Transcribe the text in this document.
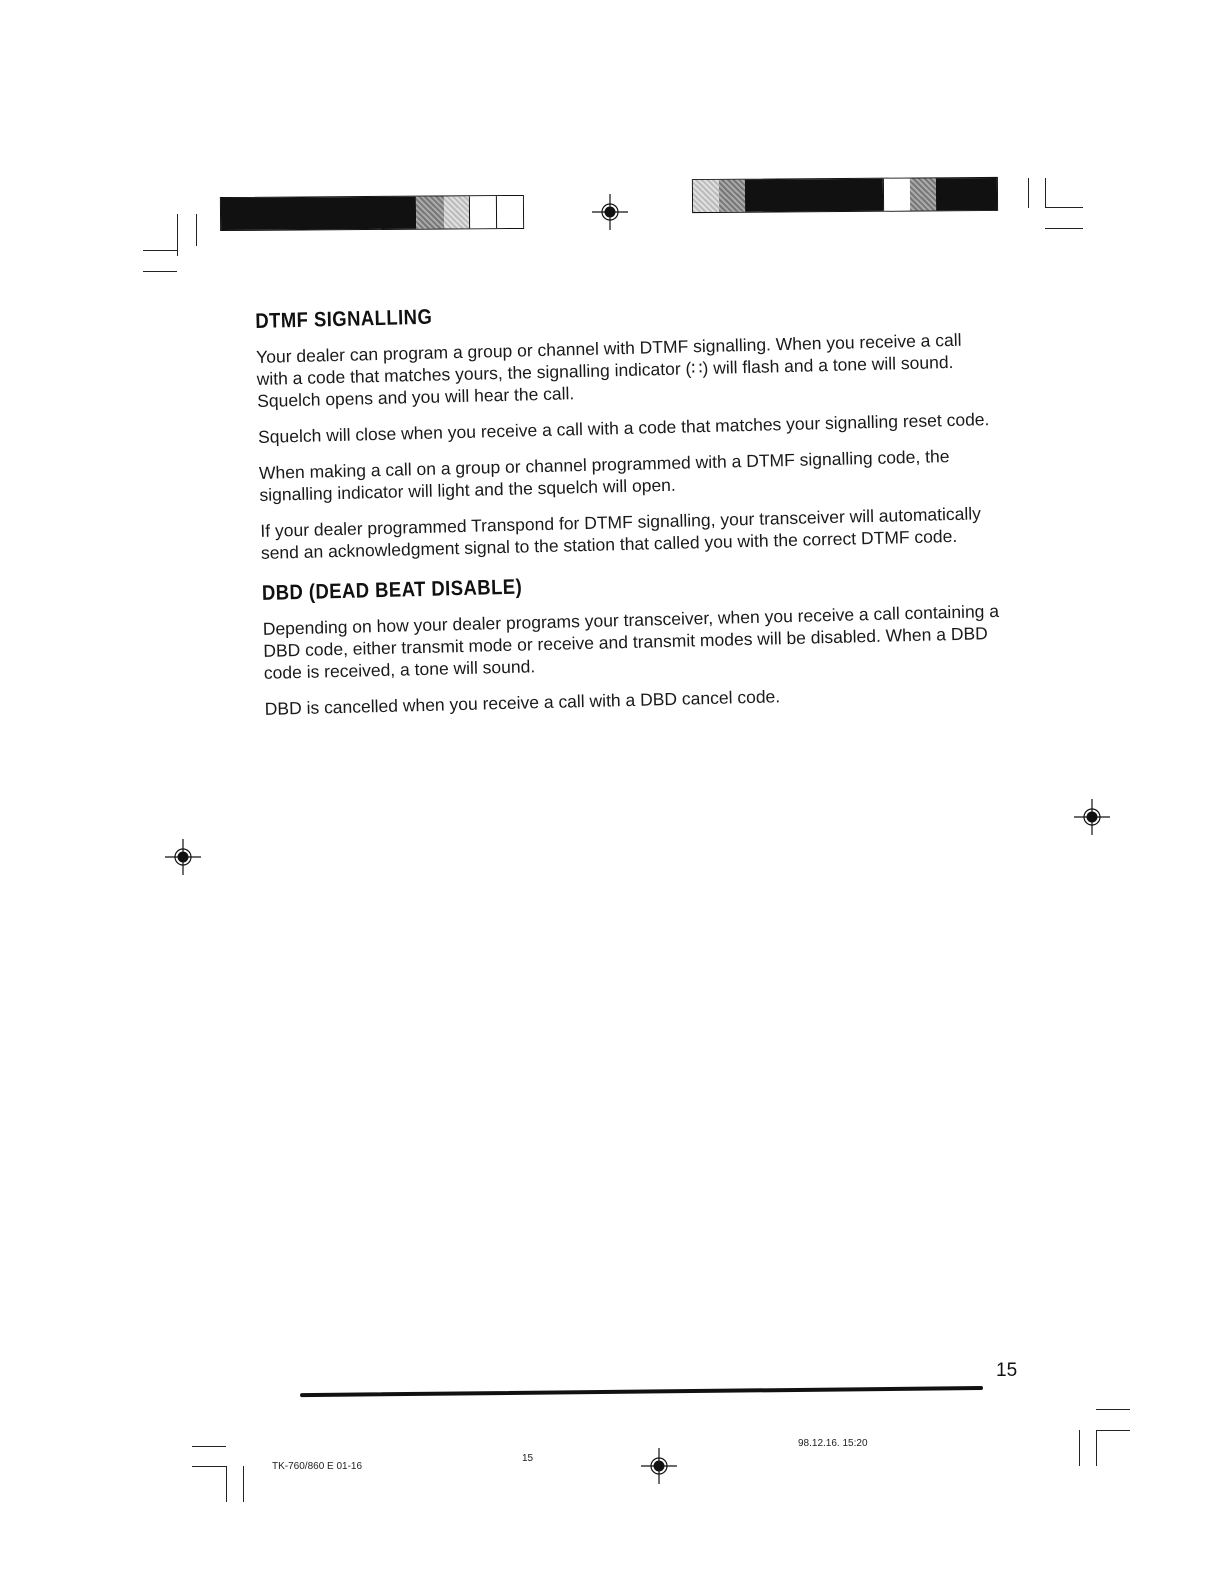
DTMF SIGNALLING

Your dealer can program a group or channel with DTMF signalling. When you receive a call with a code that matches yours, the signalling indicator (∷) will flash and a tone will sound. Squelch opens and you will hear the call.

Squelch will close when you receive a call with a code that matches your signalling reset code.

When making a call on a group or channel programmed with a DTMF signalling code, the signalling indicator will light and the squelch will open.

If your dealer programmed Transpond for DTMF signalling, your transceiver will automatically send an acknowledgment signal to the station that called you with the correct DTMF code.

DBD (DEAD BEAT DISABLE)

Depending on how your dealer programs your transceiver, when you receive a call containing a DBD code, either transmit mode or receive and transmit modes will be disabled. When a DBD code is received, a tone will sound.

DBD is cancelled when you receive a call with a DBD cancel code.

15
TK-760/860 E 01-16
15
98.12.16. 15:20
